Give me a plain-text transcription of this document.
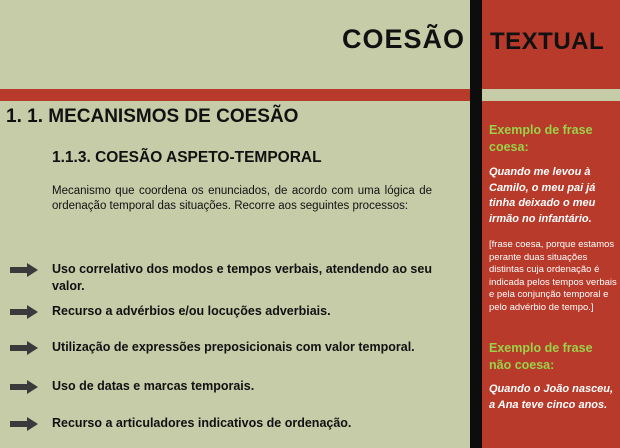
COESÃO TEXTUAL
1. 1. MECANISMOS DE COESÃO
1.1.3. COESÃO ASPETO-TEMPORAL
Mecanismo que coordena os enunciados, de acordo com uma lógica de ordenação temporal das situações. Recorre aos seguintes processos:
Uso correlativo dos modos e tempos verbais, atendendo ao seu valor.
Recurso a advérbios e/ou locuções adverbiais.
Utilização de expressões preposicionais com valor temporal.
Uso de datas e marcas temporais.
Recurso a articuladores indicativos de ordenação.
Exemplo de frase coesa:
Quando me levou à Camilo, o meu pai já tinha deixado o meu irmão no infantário.
[frase coesa, porque estamos perante duas situações distintas cuja ordenação é indicada pelos tempos verbais e pela conjunção temporal e pelo advérbio de tempo.]
Exemplo de frase não coesa:
Quando o João nasceu, a Ana teve cinco anos.
